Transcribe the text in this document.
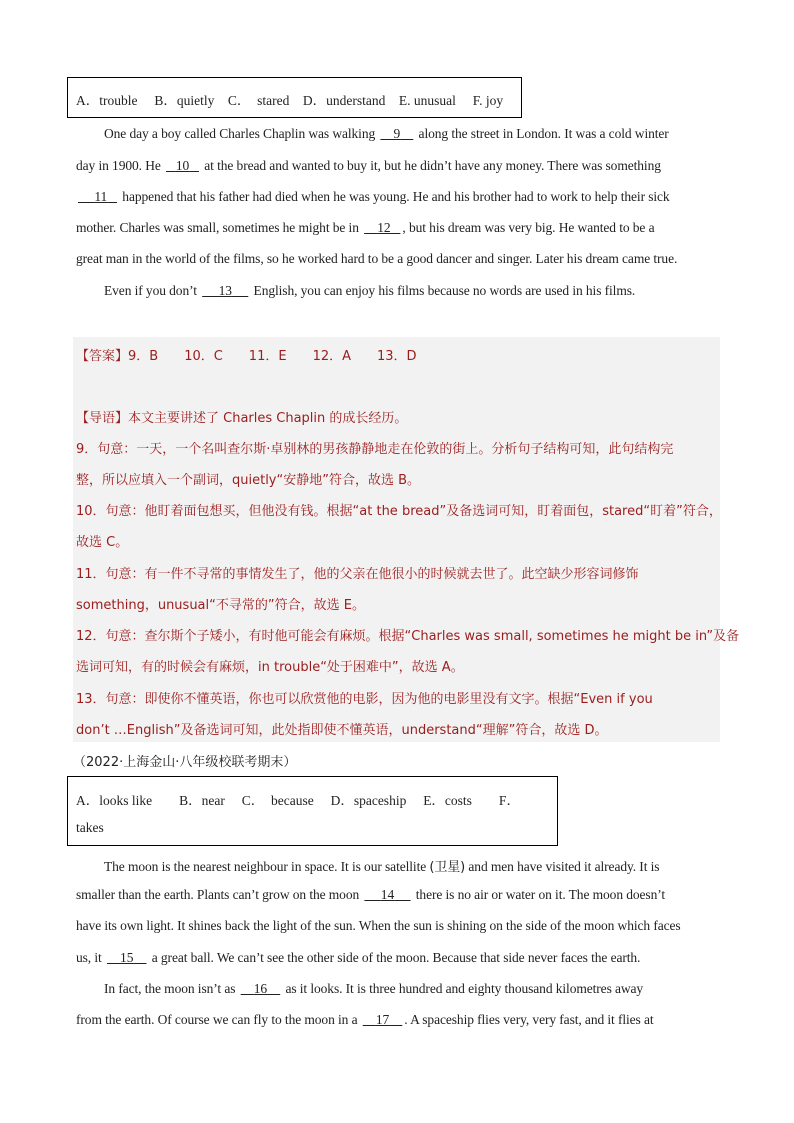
A．trouble　 B．quietly　C．　stared　D．understand　E. unusual　 F. joy
One day a boy called Charles Chaplin was walking     9     along the street in London. It was a cold winter
day in 1900. He    10    at the bread and wanted to buy it, but he didn’t have any money. There was something
11    happened that his father had died when he was young. He and his brother had to work to help their sick
mother. Charles was small, sometimes he might be in     12 , but his dream was very big. He wanted to be a
great man in the world of the films, so he worked hard to be a good dancer and singer. Later his dream came true.
Even if you don’t      13      English, you can enjoy his films because no words are used in his films.
【答案】9．B　　10．C　　11．E　　12．A　　13．D
【导语】本文主要讲述了 Charles Chaplin 的成长经历。
9．句意：一天，一个名叫查尔斯·卓别林的男孩静静地走在伦敦的街上。分析句子结构可知，此句结构完
整，所以应填入一个副词，quietly“安静地”符合，故选 B。
10．句意：他盯着面包想买，但他没有钱。根据“at the bread”及备选词可知，盯着面包，stared“盯着”符合，
故选 C。
11．句意：有一件不寻常的事情发生了，他的父亲在他很小的时候就去世了。此空缺少形容词修饰
something，unusual“不寻常的”符合，故选 E。
12．句意：查尔斯个子矮小，有时他可能会有麻烦。根据“Charles was small, sometimes he might be in”及备
选词可知，有的时候会有麻烦，in trouble“处于困难中”，故选 A。
13．句意：即使你不懂英语，你也可以欣赏他的电影，因为他的电影里没有文字。根据“Even if you
don’t …English”及备选词可知，此处指即使不懂英语，understand“理解”符合，故选 D。
（2022·上海金山·八年级校联考期末）
A．looks like　　B．near　 C．　because　 D．spaceship　 E．costs　　F．
takes
The moon is the nearest neighbour in space. It is our satellite (卫星) and men have visited it already. It is
smaller than the earth. Plants can’t grow on the moon      14      there is no air or water on it. The moon doesn’t
have its own light. It shines back the light of the sun. When the sun is shining on the side of the moon which faces
us, it     15     a great ball. We can’t see the other side of the moon. Because that side never faces the earth.
In fact, the moon isn’t as     16     as it looks. It is three hundred and eighty thousand kilometres away
from the earth. Of course we can fly to the moon in a     17 . A spaceship flies very, very fast, and it flies at
